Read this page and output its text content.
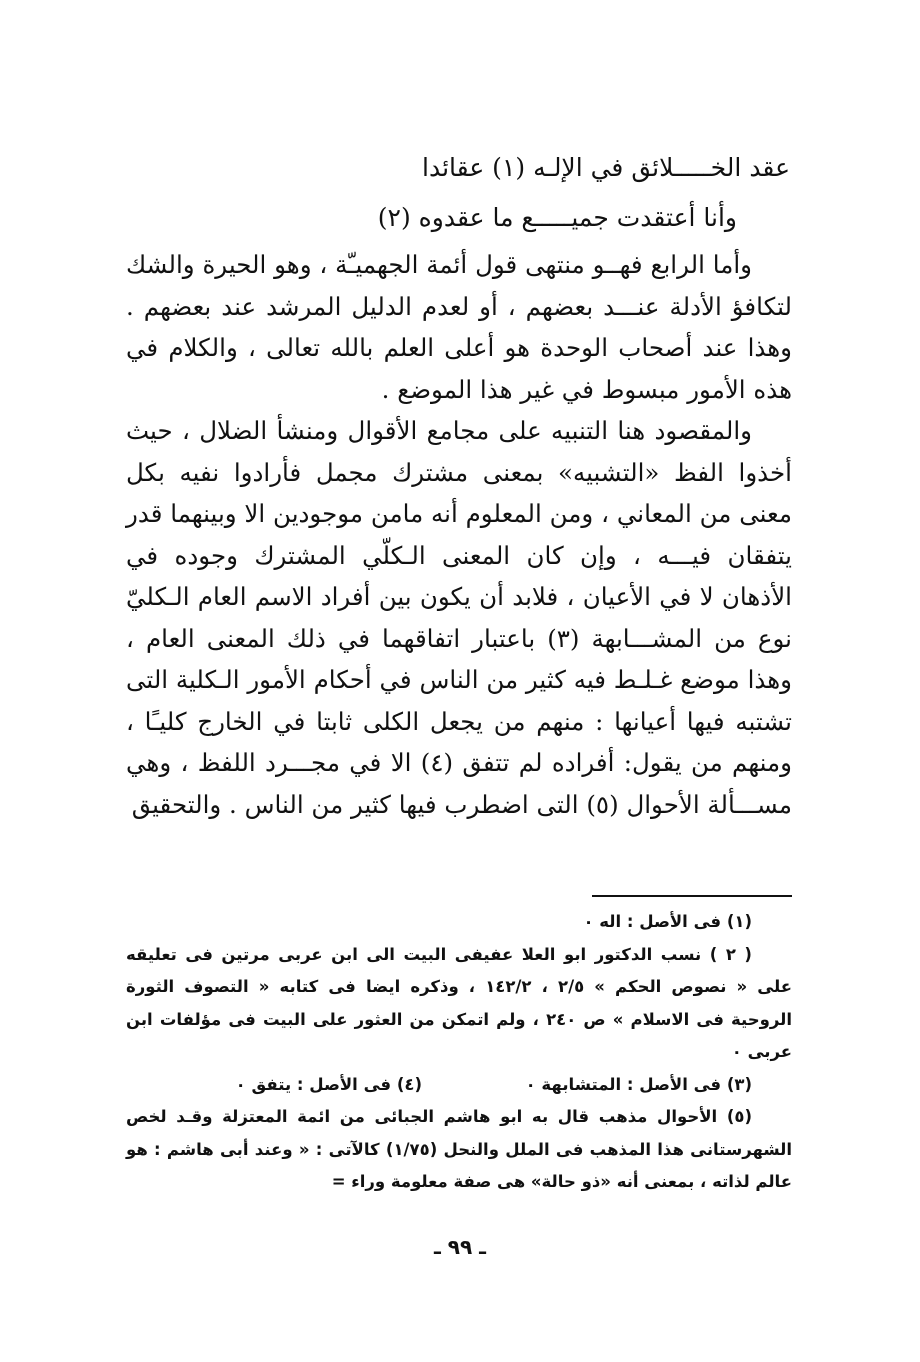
عقد الخـــــلائق في الإلـه (١) عقائدا
وأنا أعتقدت جميـــــع ما عقدوه (٢)

وأما الرابع فهــو منتهى قول أئمة الجهميـّة ، وهو الحيرة والشك لتكافؤ الأدلة عنـــد بعضهم ، أو لعدم الدليل المرشد عند بعضهم . وهذا عند أصحاب الوحدة هو أعلى العلم بالله تعالى ، والكلام في هذه الأمور مبسوط في غير هذا الموضع .

والمقصود هنا التنبيه على مجامع الأقوال ومنشأ الضلال ، حيث أخذوا الفظ «التشبيه» بمعنى مشترك مجمل فأرادوا نفيه بكل معنى من المعاني ، ومن المعلوم أنه مامن موجودين الا وبينهما قدر يتفقان فيـــه ، وإن كان المعنى الـكلّي المشترك وجوده في الأذهان لا في الأعيان ، فلابد أن يكون بين أفراد الاسم العام الـكليّ نوع من المشـــابهة (٣) باعتبار اتفاقهما في ذلك المعنى العام ، وهذا موضع غـلـط فيه كثير من الناس في أحكام الأمور الـكلية التى تشتبه فيها أعيانها : منهم من يجعل الكلى ثابتا في الخارج كليـًا ، ومنهم من يقول: أفراده لم تتفق (٤) الا في مجـــرد اللفظ ، وهي مســـألة الأحوال (٥) التى اضطرب فيها كثير من الناس . والتحقيق

(١) فى الأصل : اله ٠

( ٢ ) نسب الدكتور ابو العلا عفيفى البيت الى ابن عربى مرتين فى تعليقه على « نصوص الحكم » ٢/٥ ، ١٤٢/٢ ، وذكره ايضا فى كتابه « التصوف الثورة الروحية فى الاسلام » ص ٢٤٠ ، ولم اتمكن من العثور على البيت فى مؤلفات ابن عربى ٠

(٣) فى الأصل : المتشابهة ٠
(٤) فى الأصل : يتفق ٠

(٥) الأحوال مذهب قال به ابو هاشم الجبائى من ائمة المعتزلة وقـد لخص الشهرستانى هذا المذهب فى الملل والنحل (١/٧٥) كالآتى : « وعند أبى هاشم : هو عالم لذاته ، بمعنى أنه «ذو حالة» هى صفة معلومة وراء =

ـ ٩٩ ـ
